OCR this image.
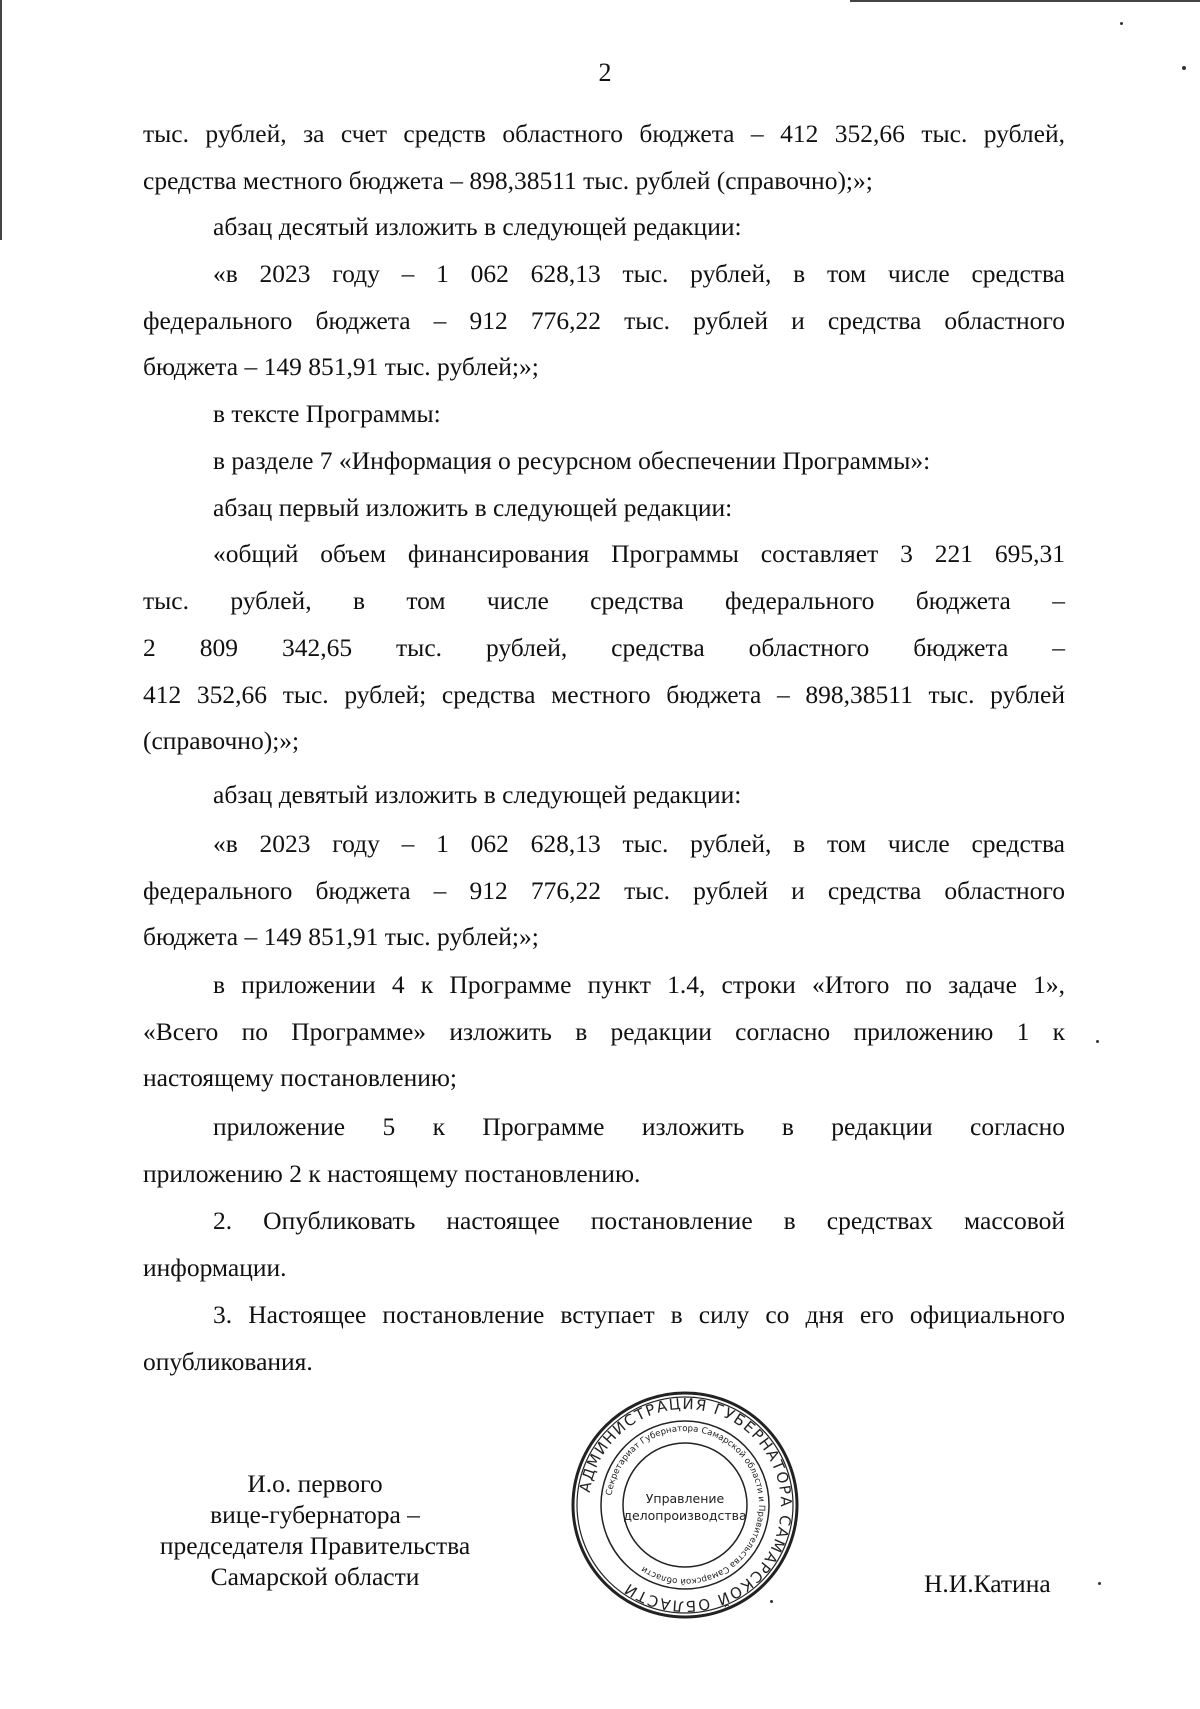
2
тыс. рублей, за счет средств областного бюджета – 412 352,66 тыс. рублей,
средства местного бюджета – 898,38511 тыс. рублей (справочно);»;
абзац десятый изложить в следующей редакции:
«в 2023 году – 1 062 628,13 тыс. рублей, в том числе средства
федерального бюджета – 912 776,22 тыс. рублей и средства областного
бюджета – 149 851,91 тыс. рублей;»;
в тексте Программы:
в разделе 7 «Информация о ресурсном обеспечении Программы»:
абзац первый изложить в следующей редакции:
«общий объем финансирования Программы составляет 3 221 695,31
тыс. рублей, в том числе средства федерального бюджета –
2 809 342,65 тыс. рублей, средства областного бюджета –
412 352,66 тыс. рублей; средства местного бюджета – 898,38511 тыс. рублей
(справочно);»;
абзац девятый изложить в следующей редакции:
«в 2023 году – 1 062 628,13 тыс. рублей, в том числе средства
федерального бюджета – 912 776,22 тыс. рублей и средства областного
бюджета – 149 851,91 тыс. рублей;»;
в приложении 4 к Программе пункт 1.4, строки «Итого по задаче 1»,
«Всего по Программе» изложить в редакции согласно приложению 1 к
настоящему постановлению;
приложение 5 к Программе изложить в редакции согласно
приложению 2 к настоящему постановлению.
2. Опубликовать настоящее постановление в средствах массовой
информации.
3. Настоящее постановление вступает в силу со дня его официального
опубликования.
И.о. первого
вице-губернатора –
председателя Правительства
Самарской области
АДМИНИСТРАЦИЯ ГУБЕРНАТОРА САМАРСКОЙ ОБЛАСТИ
Секретариат Губернатора Самарской области и Правительства Самарской области
Управление
делопроизводства
Н.И.Катина
